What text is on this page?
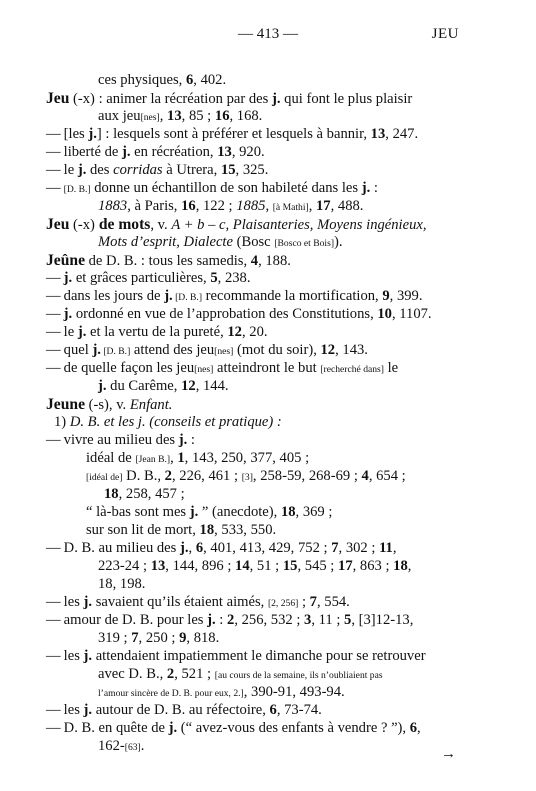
— 413 —	JEU
ces physiques, 6, 402.
Jeu (-x) : animer la récréation par des j. qui font le plus plaisir
aux jeu[nes], 13, 85 ; 16, 168.
— [les j.] : lesquels sont à préférer et lesquels à bannir, 13, 247.
— liberté de j. en récréation, 13, 920.
— le j. des corridas à Utrera, 15, 325.
— [D. B.] donne un échantillon de son habileté dans les j. :
1883, à Paris, 16, 122 ; 1885, [à Mathi], 17, 488.
Jeu (-x) de mots, v. A + b – c, Plaisanteries, Moyens ingénieux,
Mots d’esprit, Dialecte (Bosc [Bosco et Bois]).
Jeûne de D. B. : tous les samedis, 4, 188.
— j. et grâces particulières, 5, 238.
— dans les jours de j. [D. B.] recommande la mortification, 9, 399.
— j. ordonné en vue de l’approbation des Constitutions, 10, 1107.
— le j. et la vertu de la pureté, 12, 20.
— quel j. [D. B.] attend des jeu[nes] (mot du soir), 12, 143.
— de quelle façon les jeu[nes] atteindront le but [recherché dans] le
j. du Carême, 12, 144.
Jeune (-s), v. Enfant.
1) D. B. et les j. (conseils et pratique) :
— vivre au milieu des j. :
idéal de [Jean B.], 1, 143, 250, 377, 405 ;
[idéal de] D. B., 2, 226, 461 ; [3], 258-59, 268-69 ; 4, 654 ;
18, 258, 457 ;
“ là-bas sont mes j. ” (anecdote), 18, 369 ;
sur son lit de mort, 18, 533, 550.
— D. B. au milieu des j., 6, 401, 413, 429, 752 ; 7, 302 ; 11,
223-24 ; 13, 144, 896 ; 14, 51 ; 15, 545 ; 17, 863 ; 18,
18, 198.
— les j. savaient qu’ils étaient aimés, [2, 256] ; 7, 554.
— amour de D. B. pour les j. : 2, 256, 532 ; 3, 11 ; 5, [3]12-13,
319 ; 7, 250 ; 9, 818.
— les j. attendaient impatiemment le dimanche pour se retrouver
avec D. B., 2, 521 ; [au cours de la semaine, ils n’oubliaient pas
l’amour sincère de D. B. pour eux, 2.], 390-91, 493-94.
— les j. autour de D. B. au réfectoire, 6, 73-74.
— D. B. en quête de j. (“ avez-vous des enfants à vendre ? ”), 6,
162-[63].	→
